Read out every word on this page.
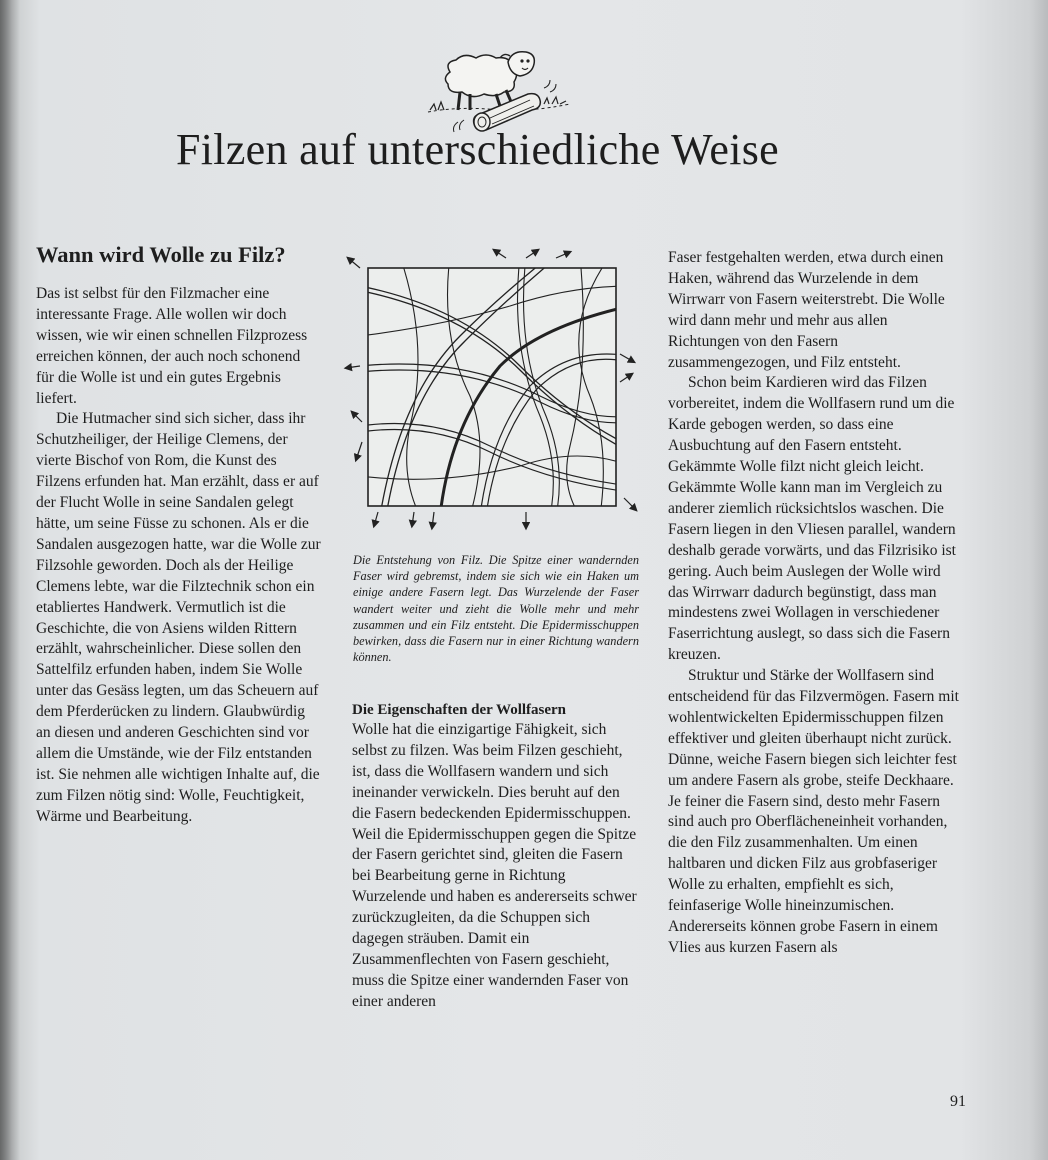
Filzen auf unterschiedliche Weise
Wann wird Wolle zu Filz?

Das ist selbst für den Filzmacher eine interessante Frage. Alle wollen wir doch wissen, wie wir einen schnellen Filzprozess erreichen können, der auch noch schonend für die Wolle ist und ein gutes Ergebnis liefert.

Die Hutmacher sind sich sicher, dass ihr Schutzheiliger, der Heilige Clemens, der vierte Bischof von Rom, die Kunst des Filzens erfunden hat. Man erzählt, dass er auf der Flucht Wolle in seine Sandalen gelegt hätte, um seine Füsse zu schonen. Als er die Sandalen ausgezogen hatte, war die Wolle zur Filzsohle geworden. Doch als der Heilige Clemens lebte, war die Filztechnik schon ein etabliertes Handwerk. Vermutlich ist die Geschichte, die von Asiens wilden Rittern erzählt, wahrscheinlicher. Diese sollen den Sattelfilz erfunden haben, indem Sie Wolle unter das Gesäss legten, um das Scheuern auf dem Pferderücken zu lindern. Glaubwürdig an diesen und anderen Geschichten sind vor allem die Umstände, wie der Filz entstanden ist. Sie nehmen alle wichtigen Inhalte auf, die zum Filzen nötig sind: Wolle, Feuchtigkeit, Wärme und Bearbeitung.

Die Entstehung von Filz. Die Spitze einer wandernden Faser wird gebremst, indem sie sich wie ein Haken um einige andere Fasern legt. Das Wurzelende der Faser wandert weiter und zieht die Wolle mehr und mehr zusammen und ein Filz entsteht. Die Epidermisschuppen bewirken, dass die Fasern nur in einer Richtung wandern können.

Die Eigenschaften der Wollfasern

Wolle hat die einzigartige Fähigkeit, sich selbst zu filzen. Was beim Filzen geschieht, ist, dass die Wollfasern wandern und sich ineinander verwickeln. Dies beruht auf den die Fasern bedeckenden Epidermisschuppen. Weil die Epidermisschuppen gegen die Spitze der Fasern gerichtet sind, gleiten die Fasern bei Bearbeitung gerne in Richtung Wurzelende und haben es andererseits schwer zurückzugleiten, da die Schuppen sich dagegen sträuben. Damit ein Zusammenflechten von Fasern geschieht, muss die Spitze einer wandernden Faser von einer anderen

Faser festgehalten werden, etwa durch einen Haken, während das Wurzelende in dem Wirrwarr von Fasern weiterstrebt. Die Wolle wird dann mehr und mehr aus allen Richtungen von den Fasern zusammengezogen, und Filz entsteht.

Schon beim Kardieren wird das Filzen vorbereitet, indem die Wollfasern rund um die Karde gebogen werden, so dass eine Ausbuchtung auf den Fasern entsteht. Gekämmte Wolle filzt nicht gleich leicht. Gekämmte Wolle kann man im Vergleich zu anderer ziemlich rücksichtslos waschen. Die Fasern liegen in den Vliesen parallel, wandern deshalb gerade vorwärts, und das Filzrisiko ist gering. Auch beim Auslegen der Wolle wird das Wirrwarr dadurch begünstigt, dass man mindestens zwei Wollagen in verschiedener Faserrichtung auslegt, so dass sich die Fasern kreuzen.

Struktur und Stärke der Wollfasern sind entscheidend für das Filzvermögen. Fasern mit wohlentwickelten Epidermisschuppen filzen effektiver und gleiten überhaupt nicht zurück. Dünne, weiche Fasern biegen sich leichter fest um andere Fasern als grobe, steife Deckhaare. Je feiner die Fasern sind, desto mehr Fasern sind auch pro Oberflächeneinheit vorhanden, die den Filz zusammenhalten. Um einen haltbaren und dicken Filz aus grobfaseriger Wolle zu erhalten, empfiehlt es sich, feinfaserige Wolle hineinzumischen. Andererseits können grobe Fasern in einem Vlies aus kurzen Fasern als

91
